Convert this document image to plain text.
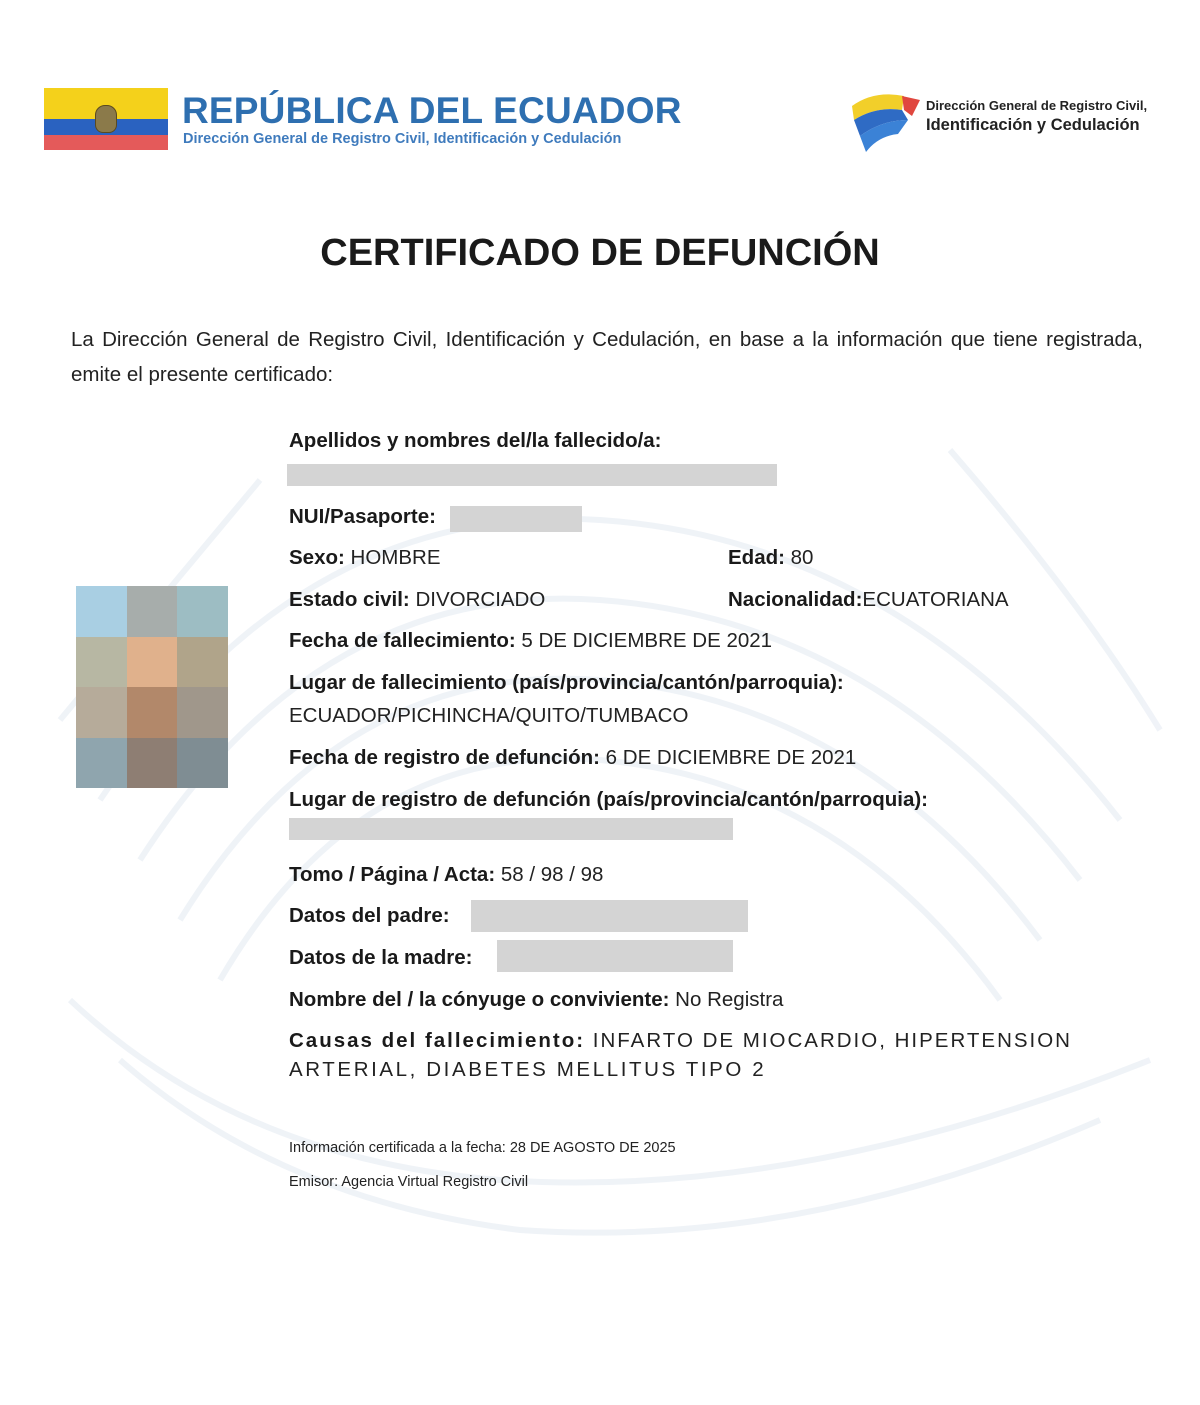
REPÚBLICA DEL ECUADOR
Dirección General de Registro Civil, Identificación y Cedulación
Dirección General de Registro Civil,
Identificación y Cedulación
CERTIFICADO DE DEFUNCIÓN
La Dirección General de Registro Civil, Identificación y Cedulación, en base a la información que tiene registrada, emite el presente certificado:
Apellidos y nombres del/la fallecido/a:
NUI/Pasaporte:
Sexo: HOMBRE	Edad: 80
Estado civil: DIVORCIADO	Nacionalidad:ECUATORIANA
Fecha de fallecimiento: 5 DE DICIEMBRE DE 2021
Lugar de fallecimiento (país/provincia/cantón/parroquia):
ECUADOR/PICHINCHA/QUITO/TUMBACO
Fecha de registro de defunción: 6 DE DICIEMBRE DE 2021
Lugar de registro de defunción (país/provincia/cantón/parroquia):
Tomo / Página / Acta: 58 / 98 / 98
Datos del padre:
Datos de la madre:
Nombre del / la cónyuge o conviviente: No Registra
Causas del fallecimiento: INFARTO DE MIOCARDIO, HIPERTENSION
ARTERIAL, DIABETES MELLITUS TIPO 2
Información certificada a la fecha: 28 DE AGOSTO DE 2025
Emisor: Agencia Virtual Registro Civil
